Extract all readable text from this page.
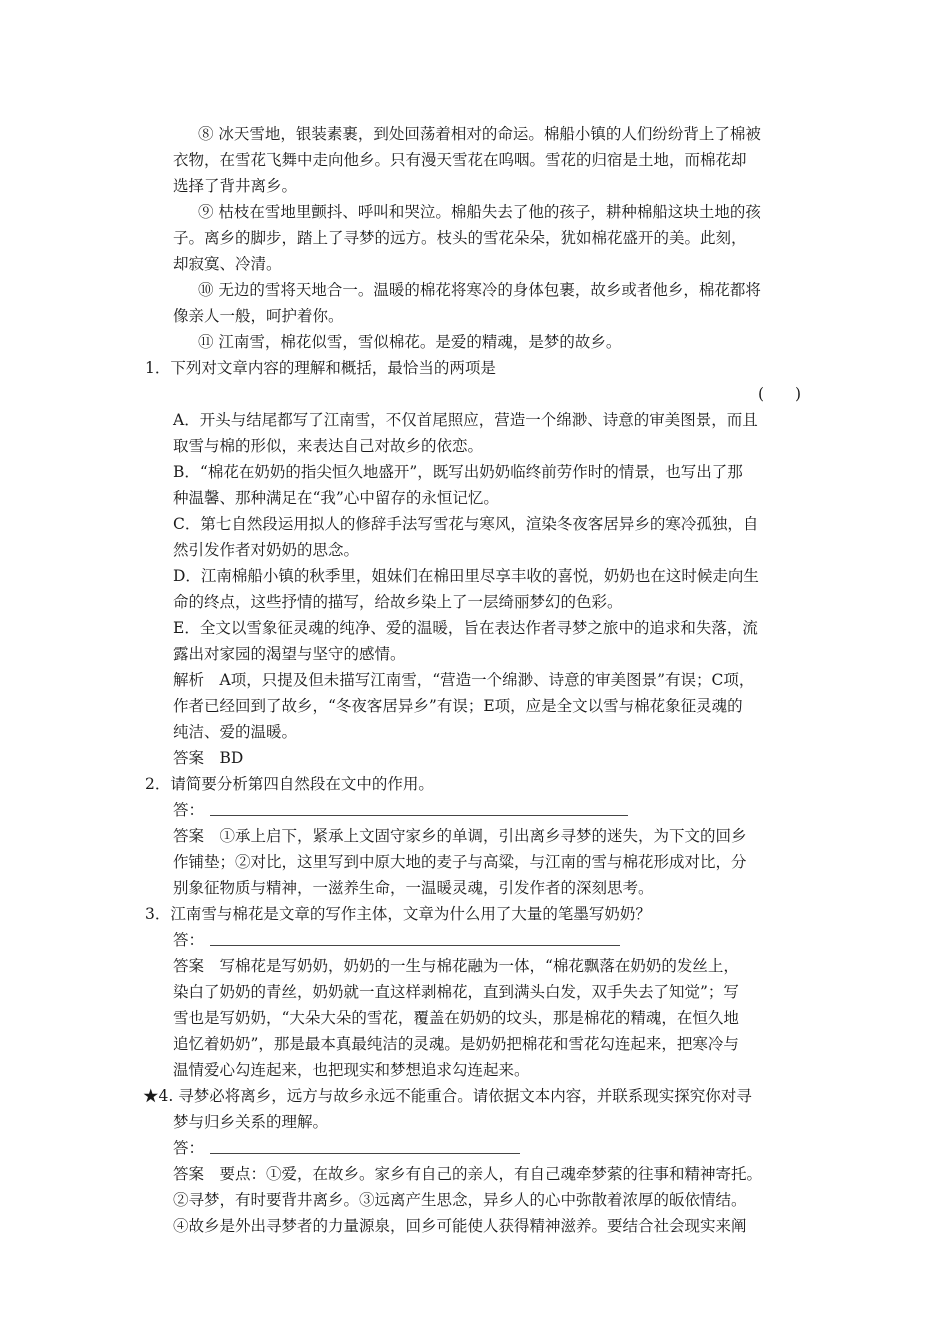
⑧ 冰天雪地，银装素裹，到处回荡着相对的命运。棉船小镇的人们纷纷背上了棉被
衣物，在雪花飞舞中走向他乡。只有漫天雪花在呜咽。雪花的归宿是土地，而棉花却
选择了背井离乡。
⑨ 枯枝在雪地里颤抖、呼叫和哭泣。棉船失去了他的孩子，耕种棉船这块土地的孩
子。离乡的脚步，踏上了寻梦的远方。枝头的雪花朵朵，犹如棉花盛开的美。此刻，
却寂寞、冷清。
⑩ 无边的雪将天地合一。温暖的棉花将寒冷的身体包裹，故乡或者他乡，棉花都将
像亲人一般，呵护着你。
⑪ 江南雪，棉花似雪，雪似棉花。是爱的精魂，是梦的故乡。
1．下列对文章内容的理解和概括，最恰当的两项是
(　　)
A．开头与结尾都写了江南雪，不仅首尾照应，营造一个绵渺、诗意的审美图景，而且
取雪与棉的形似，来表达自己对故乡的依恋。
B．“棉花在奶奶的指尖恒久地盛开”，既写出奶奶临终前劳作时的情景，也写出了那
种温馨、那种满足在“我”心中留存的永恒记忆。
C．第七自然段运用拟人的修辞手法写雪花与寒风，渲染冬夜客居异乡的寒冷孤独，自
然引发作者对奶奶的思念。
D．江南棉船小镇的秋季里，姐妹们在棉田里尽享丰收的喜悦，奶奶也在这时候走向生
命的终点，这些抒情的描写，给故乡染上了一层绮丽梦幻的色彩。
E．全文以雪象征灵魂的纯净、爱的温暖，旨在表达作者寻梦之旅中的追求和失落，流
露出对家园的渴望与坚守的感情。
解析　A项，只提及但未描写江南雪，“营造一个绵渺、诗意的审美图景”有误；C项，
作者已经回到了故乡，“冬夜客居异乡”有误；E项，应是全文以雪与棉花象征灵魂的
纯洁、爱的温暖。
答案　BD
2．请简要分析第四自然段在文中的作用。
答：
答案　①承上启下，紧承上文固守家乡的单调，引出离乡寻梦的迷失，为下文的回乡
作铺垫；②对比，这里写到中原大地的麦子与高粱，与江南的雪与棉花形成对比，分
别象征物质与精神，一滋养生命，一温暖灵魂，引发作者的深刻思考。
3．江南雪与棉花是文章的写作主体，文章为什么用了大量的笔墨写奶奶？
答：
答案　写棉花是写奶奶，奶奶的一生与棉花融为一体，“棉花飘落在奶奶的发丝上，
染白了奶奶的青丝，奶奶就一直这样剥棉花，直到满头白发，双手失去了知觉”；写
雪也是写奶奶，“大朵大朵的雪花，覆盖在奶奶的坟头，那是棉花的精魂，在恒久地
追忆着奶奶”，那是最本真最纯洁的灵魂。是奶奶把棉花和雪花勾连起来，把寒冷与
温情爱心勾连起来，也把现实和梦想追求勾连起来。
★4. 寻梦必将离乡，远方与故乡永远不能重合。请依据文本内容，并联系现实探究你对寻
梦与归乡关系的理解。
答：
答案　要点：①爱，在故乡。家乡有自己的亲人，有自己魂牵梦萦的往事和精神寄托。
②寻梦，有时要背井离乡。③远离产生思念，异乡人的心中弥散着浓厚的皈依情结。
④故乡是外出寻梦者的力量源泉，回乡可能使人获得精神滋养。要结合社会现实来阐
